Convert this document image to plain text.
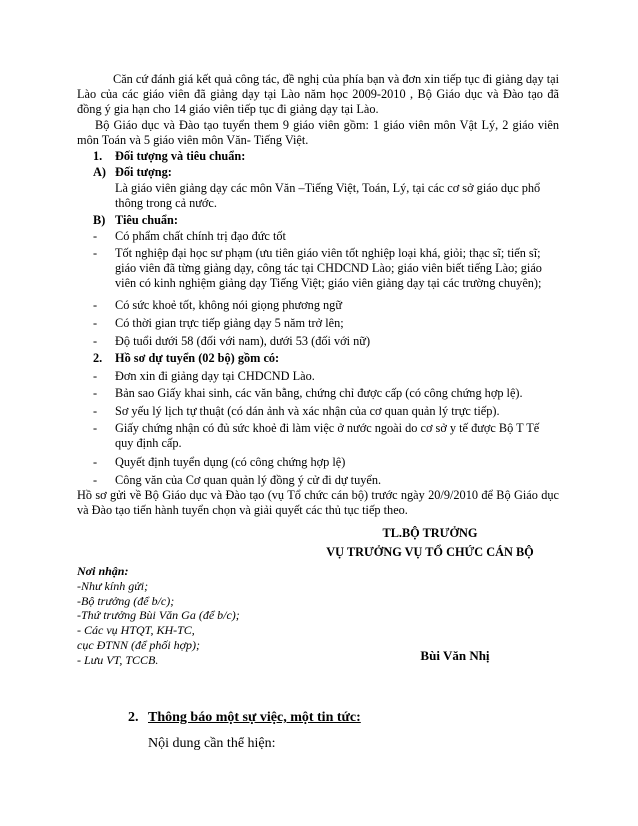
Căn cứ đánh giá kết quả công tác, đề nghị của phía bạn và đơn xin tiếp tục đi giảng dạy tại Lào của các giáo viên đã giảng dạy tại Lào năm học 2009-2010 , Bộ Giáo dục và Đào tạo đã đồng ý gia hạn cho 14 giáo viên tiếp tục đi giảng dạy tại Lào.
Bộ Giáo dục và Đào tạo tuyển them 9 giáo viên gồm: 1 giáo viên môn Vật Lý, 2 giáo viên môn Toán và 5 giáo viên môn Văn- Tiếng Việt.
1. Đối tượng và tiêu chuẩn:
A) Đối tượng:
Là giáo viên giảng dạy các môn Văn –Tiếng Việt, Toán, Lý, tại các cơ sở giáo dục phổ thông trong cả nước.
B) Tiêu chuẩn:
-	Có phẩm chất chính trị đạo đức tốt
-	Tốt nghiệp đại học sư phạm (ưu tiên giáo viên tốt nghiệp loại khá, giỏi; thạc sĩ; tiến sĩ; giáo viên đã từng giảng dạy, công tác tại CHDCND Lào; giáo viên biết tiếng Lào; giáo viên có kinh nghiệm giảng dạy Tiếng Việt; giáo viên giảng dạy tại các trường chuyên);
-	Có sức khoẻ tốt, không nói giọng phương ngữ
-	Có thời gian trực tiếp giảng dạy 5 năm trở lên;
-	Độ tuổi dưới 58 (đối với nam), dưới 53 (đối với nữ)
2. Hồ sơ dự tuyển (02 bộ) gồm có:
-	Đơn xin đi giảng dạy tại CHDCND Lào.
-	Bản sao Giấy khai sinh, các văn bằng, chứng chỉ được cấp (có công chứng hợp lệ).
-	Sơ yếu lý lịch tự thuật (có dán ảnh và xác nhận của cơ quan quản lý trực tiếp).
-	Giấy chứng nhận có đủ sức khoẻ đi làm việc ở nước ngoài do cơ sở y tế được Bộ T Tế quy định cấp.
-	Quyết định tuyển dụng (có công chứng hợp lệ)
-	Công văn của Cơ quan quản lý đồng ý cử đi dự tuyển.
Hồ sơ gửi về Bộ Giáo dục và Đào tạo (vụ Tổ chức cán bộ) trước ngày 20/9/2010 để Bộ Giáo dục và Đào tạo tiến hành tuyển chọn và giải quyết các thủ tục tiếp theo.
TL.BỘ TRƯỞNG
VỤ TRƯỞNG VỤ TỔ CHỨC CÁN BỘ
Nơi nhận:
-Như kính gửi;
-Bộ trưởng (để b/c);
-Thứ trưởng Bùi Văn Ga (để b/c);
- Các vụ HTQT, KH-TC,
cục ĐTNN (để phối hợp);
- Lưu VT, TCCB.	Bùi Văn Nhị
2. Thông báo một sự việc, một tin tức:
Nội dung cần thể hiện:
